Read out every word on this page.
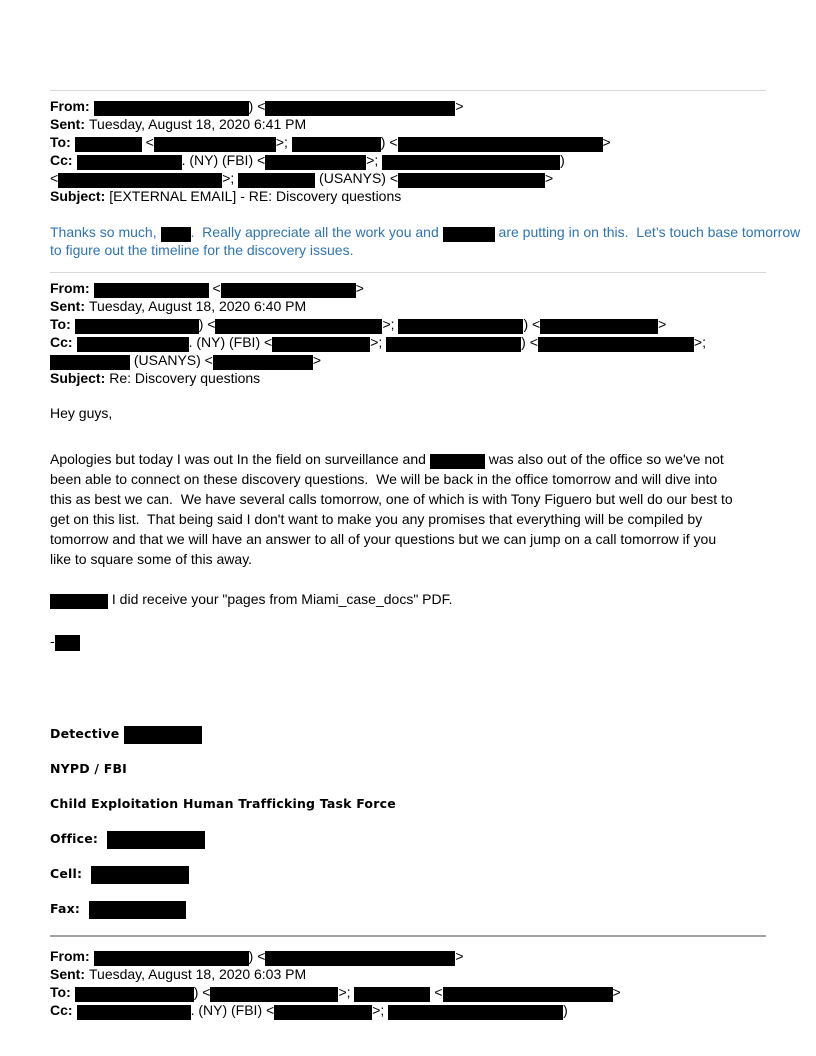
From:	) <	>
Sent: Tuesday, August 18, 2020 6:41 PM
To:	<	>;	) <	>
Cc:	. (NY) (FBI) <	>;	)
<	>;	(USANYS) <	>
Subject: [EXTERNAL EMAIL] - RE: Discovery questions
Thanks so much, .  Really appreciate all the work you and	are putting in on this.  Let’s touch base tomorrow
to figure out the timeline for the discovery issues.
From:	<	>
Sent: Tuesday, August 18, 2020 6:40 PM
To:	) <	>;	) <	>
Cc:	. (NY) (FBI) <	>;	) <	>;
(USANYS) <	>
Subject: Re: Discovery questions
Hey guys,
Apologies but today I was out In the field on surveillance and	was also out of the office so we've not
been able to connect on these discovery questions.  We will be back in the office tomorrow and will dive into
this as best we can.  We have several calls tomorrow, one of which is with Tony Figuero but well do our best to
get on this list.  That being said I don't want to make you any promises that everything will be compiled by
tomorrow and that we will have an answer to all of your questions but we can jump on a call tomorrow if you
like to square some of this away.
I did receive your "pages from Miami_case_docs" PDF.
-
Detective
NYPD / FBI
Child Exploitation Human Trafficking Task Force
Office:
Cell:
Fax:
From:	) <	>
Sent: Tuesday, August 18, 2020 6:03 PM
To:	) <	>;	<	>
Cc:	. (NY) (FBI) <	>;	)
